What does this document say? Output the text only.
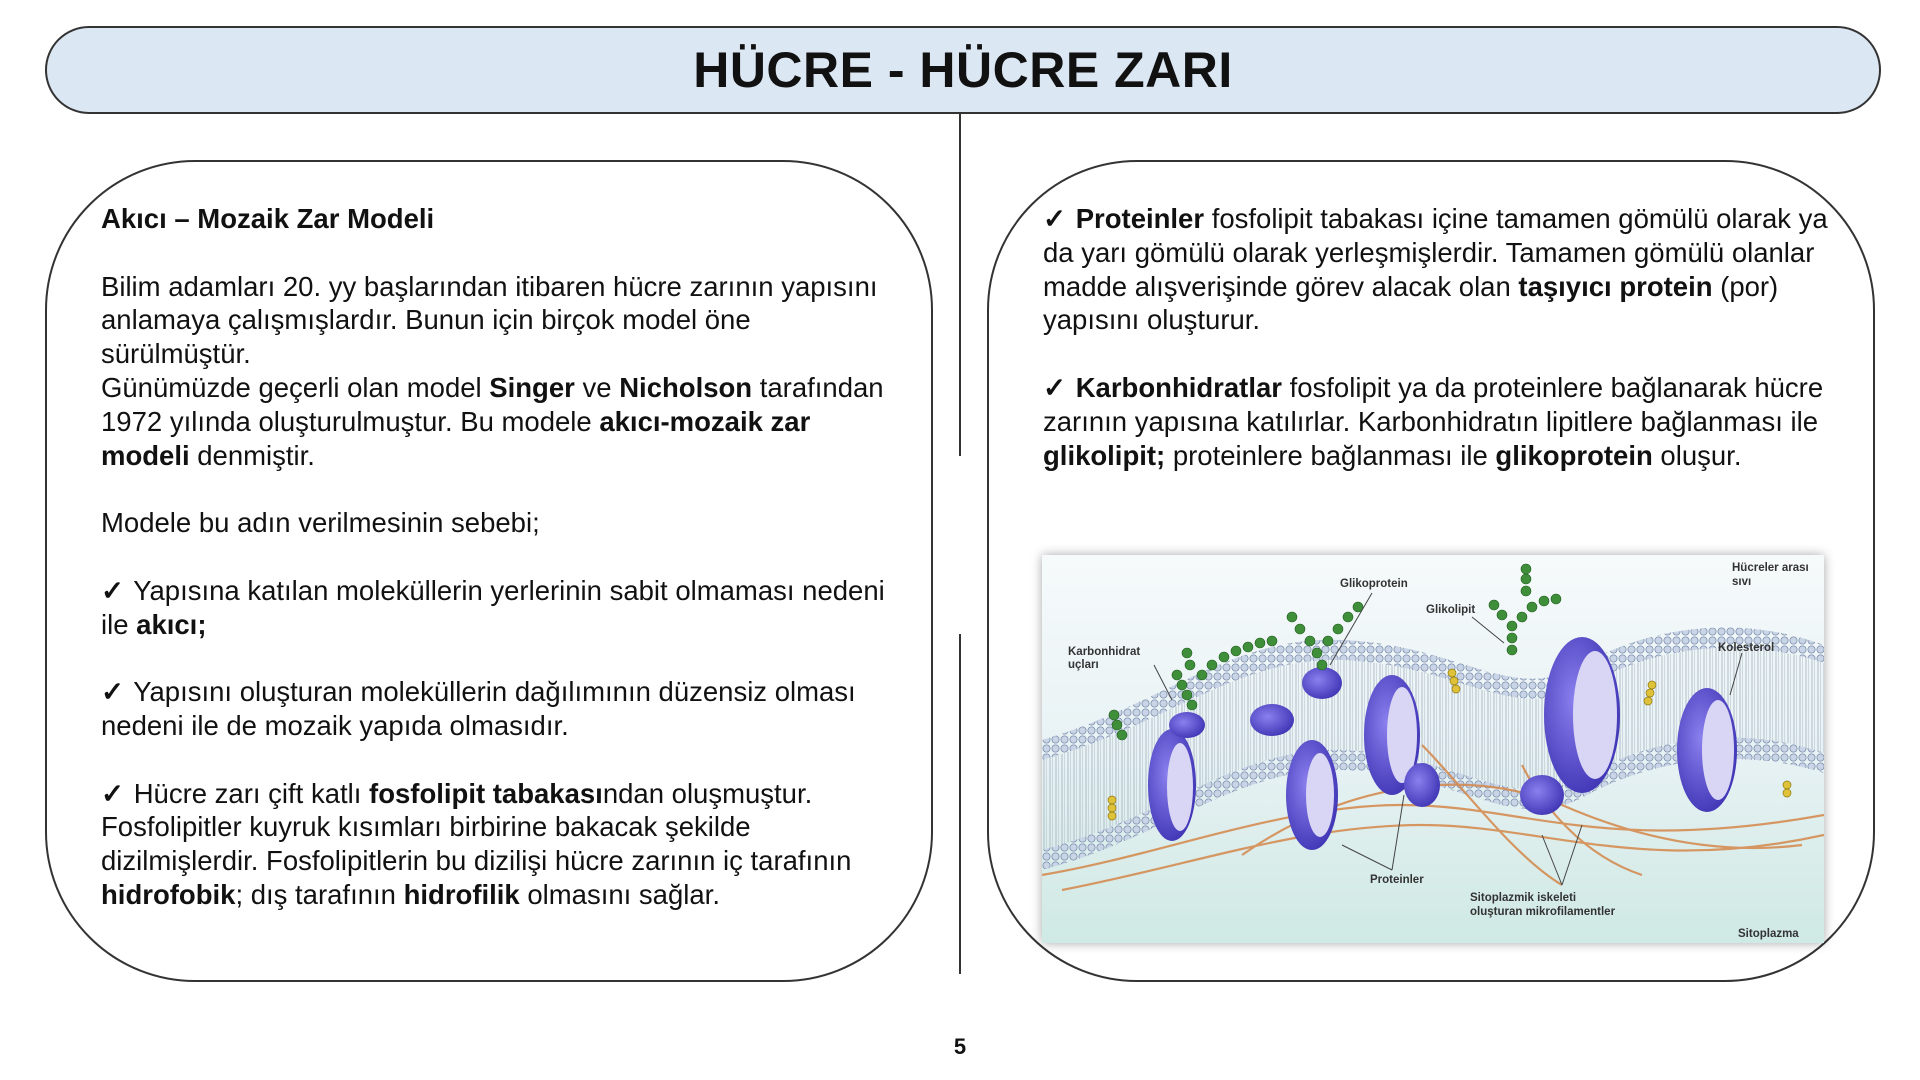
HÜCRE - HÜCRE ZARI

Akıcı – Mozaik Zar Modeli

Bilim adamları 20. yy başlarından itibaren hücre zarının yapısını anlamaya çalışmışlardır. Bunun için birçok model öne sürülmüştür.
Günümüzde geçerli olan model Singer ve Nicholson tarafından 1972 yılında oluşturulmuştur. Bu modele akıcı-mozaik zar modeli denmiştir.

Modele bu adın verilmesinin sebebi;

✓ Yapısına katılan moleküllerin yerlerinin sabit olmaması nedeni ile akıcı;

✓ Yapısını oluşturan moleküllerin dağılımının düzensiz olması nedeni ile de mozaik yapıda olmasıdır.

✓ Hücre zarı çift katlı fosfolipit tabakasından oluşmuştur. Fosfolipitler kuyruk kısımları birbirine bakacak şekilde dizilmişlerdir. Fosfolipitlerin bu dizilişi hücre zarının iç tarafının hidrofobik; dış tarafının hidrofilik olmasını sağlar.

✓ Proteinler fosfolipit tabakası içine tamamen gömülü olarak ya da yarı gömülü olarak yerleşmişlerdir. Tamamen gömülü olanlar madde alışverişinde görev alacak olan taşıyıcı protein (por) yapısını oluşturur.

✓ Karbonhidratlar fosfolipit ya da proteinlere bağlanarak hücre zarının yapısına katılırlar. Karbonhidratın lipitlere bağlanması ile glikolipit; proteinlere bağlanması ile glikoprotein oluşur.

Glikoprotein
Glikolipit
Hücreler arası
sıvı
Karbonhidrat
uçları
Kolesterol
Proteinler
Sitoplazmik iskeleti
oluşturan mikrofilamentler
Sitoplazma
5
